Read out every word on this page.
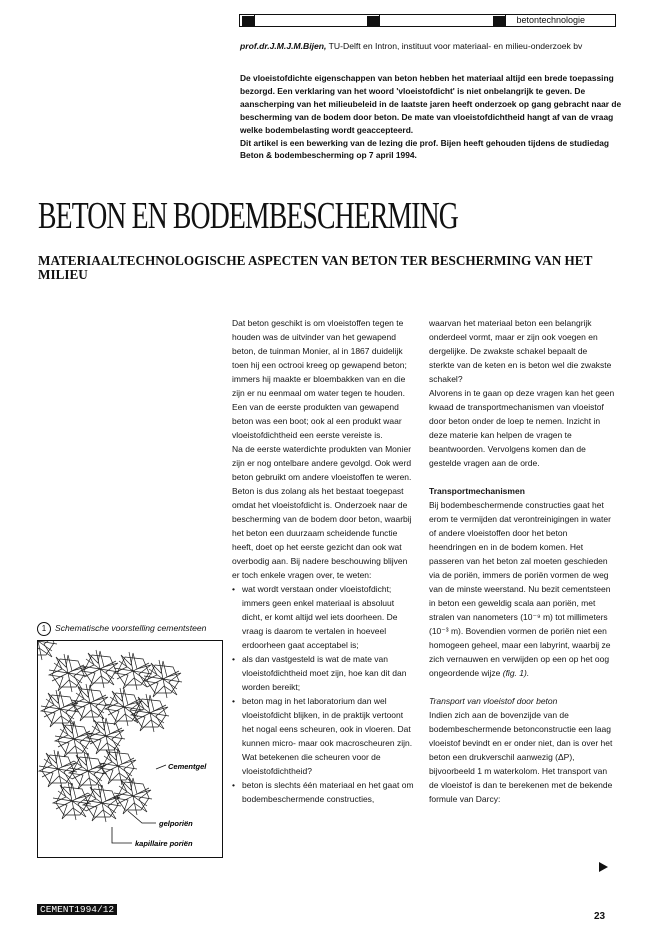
betontechnologie
prof.dr.J.M.J.M.Bijen, TU-Delft en Intron, instituut voor materiaal- en milieu-onderzoek bv

De vloeistofdichte eigenschappen van beton hebben het materiaal altijd een brede toepassing bezorgd. Een verklaring van het woord 'vloeistofdicht' is niet onbelangrijk te geven. De aanscherping van het milieubeleid in de laatste jaren heeft onderzoek op gang gebracht naar de bescherming van de bodem door beton. De mate van vloeistofdichtheid hangt af van de vraag welke bodembelasting wordt geaccepteerd.

Dit artikel is een bewerking van de lezing die prof. Bijen heeft gehouden tijdens de studiedag Beton & bodembescherming op 7 april 1994.

BETON EN BODEMBESCHERMING
MATERIAALTECHNOLOGISCHE ASPECTEN VAN BETON TER BESCHERMING VAN HET MILIEU

Dat beton geschikt is om vloeistoffen tegen te houden was de uitvinder van het gewapend beton, de tuinman Monier, al in 1867 duidelijk toen hij een octrooi kreeg op gewapend beton; immers hij maakte er bloembakken van en die zijn er nu eenmaal om water tegen te houden. Een van de eerste produkten van gewapend beton was een boot; ook al een produkt waar vloeistofdichtheid een eerste vereiste is.

Na de eerste waterdichte produkten van Monier zijn er nog ontelbare andere gevolgd. Ook werd beton gebruikt om andere vloeistoffen te weren. Beton is dus zolang als het bestaat toegepast omdat het vloeistofdicht is. Onderzoek naar de bescherming van de bodem door beton, waarbij het beton een duurzaam scheidende functie heeft, doet op het eerste gezicht dan ook wat overbodig aan. Bij nadere beschouwing blijven er toch enkele vragen over, te weten:

• wat wordt verstaan onder vloeistofdicht; immers geen enkel materiaal is absoluut dicht, er komt altijd wel iets doorheen. De vraag is daarom te vertalen in hoeveel erdoorheen gaat acceptabel is;
• als dan vastgesteld is wat de mate van vloeistofdichtheid moet zijn, hoe kan dit dan worden bereikt;
• beton mag in het laboratorium dan wel vloeistofdicht blijken, in de praktijk vertoont het nogal eens scheuren, ook in vloeren. Dat kunnen micro- maar ook macroscheuren zijn. Wat betekenen die scheuren voor de vloeistofdichtheid?
• beton is slechts één materiaal en het gaat om bodembeschermende constructies,

waarvan het materiaal beton een belangrijk onderdeel vormt, maar er zijn ook voegen en dergelijke. De zwakste schakel bepaalt de sterkte van de keten en is beton wel die zwakste schakel?

Alvorens in te gaan op deze vragen kan het geen kwaad de transportmechanismen van vloeistof door beton onder de loep te nemen. Inzicht in deze materie kan helpen de vragen te beantwoorden. Vervolgens komen dan de gestelde vragen aan de orde.

Transportmechanismen

Bij bodembeschermende constructies gaat het erom te vermijden dat verontreinigingen in water of andere vloeistoffen door het beton heendringen en in de bodem komen. Het passeren van het beton zal moeten geschieden via de poriën, immers de poriën vormen de weg van de minste weerstand. Nu bezit cementsteen in beton een geweldig scala aan poriën, met stralen van nanometers (10⁻⁹ m) tot millimeters (10⁻³ m). Bovendien vormen de poriën niet een homogeen geheel, maar een labyrint, waarbij ze zich vernauwen en verwijden op een op het oog ongeordende wijze (fig. 1).

Transport van vloeistof door beton

Indien zich aan de bovenzijde van de bodembeschermende betonconstructie een laag vloeistof bevindt en er onder niet, dan is over het beton een drukverschil aanwezig (ΔP), bijvoorbeeld 1 m waterkolom. Het transport van de vloeistof is dan te berekenen met de bekende formule van Darcy:

1 Schematische voorstelling cementsteen
Cementgel
gelporiën
kapillaire poriën
CEMENT1994/12
23
